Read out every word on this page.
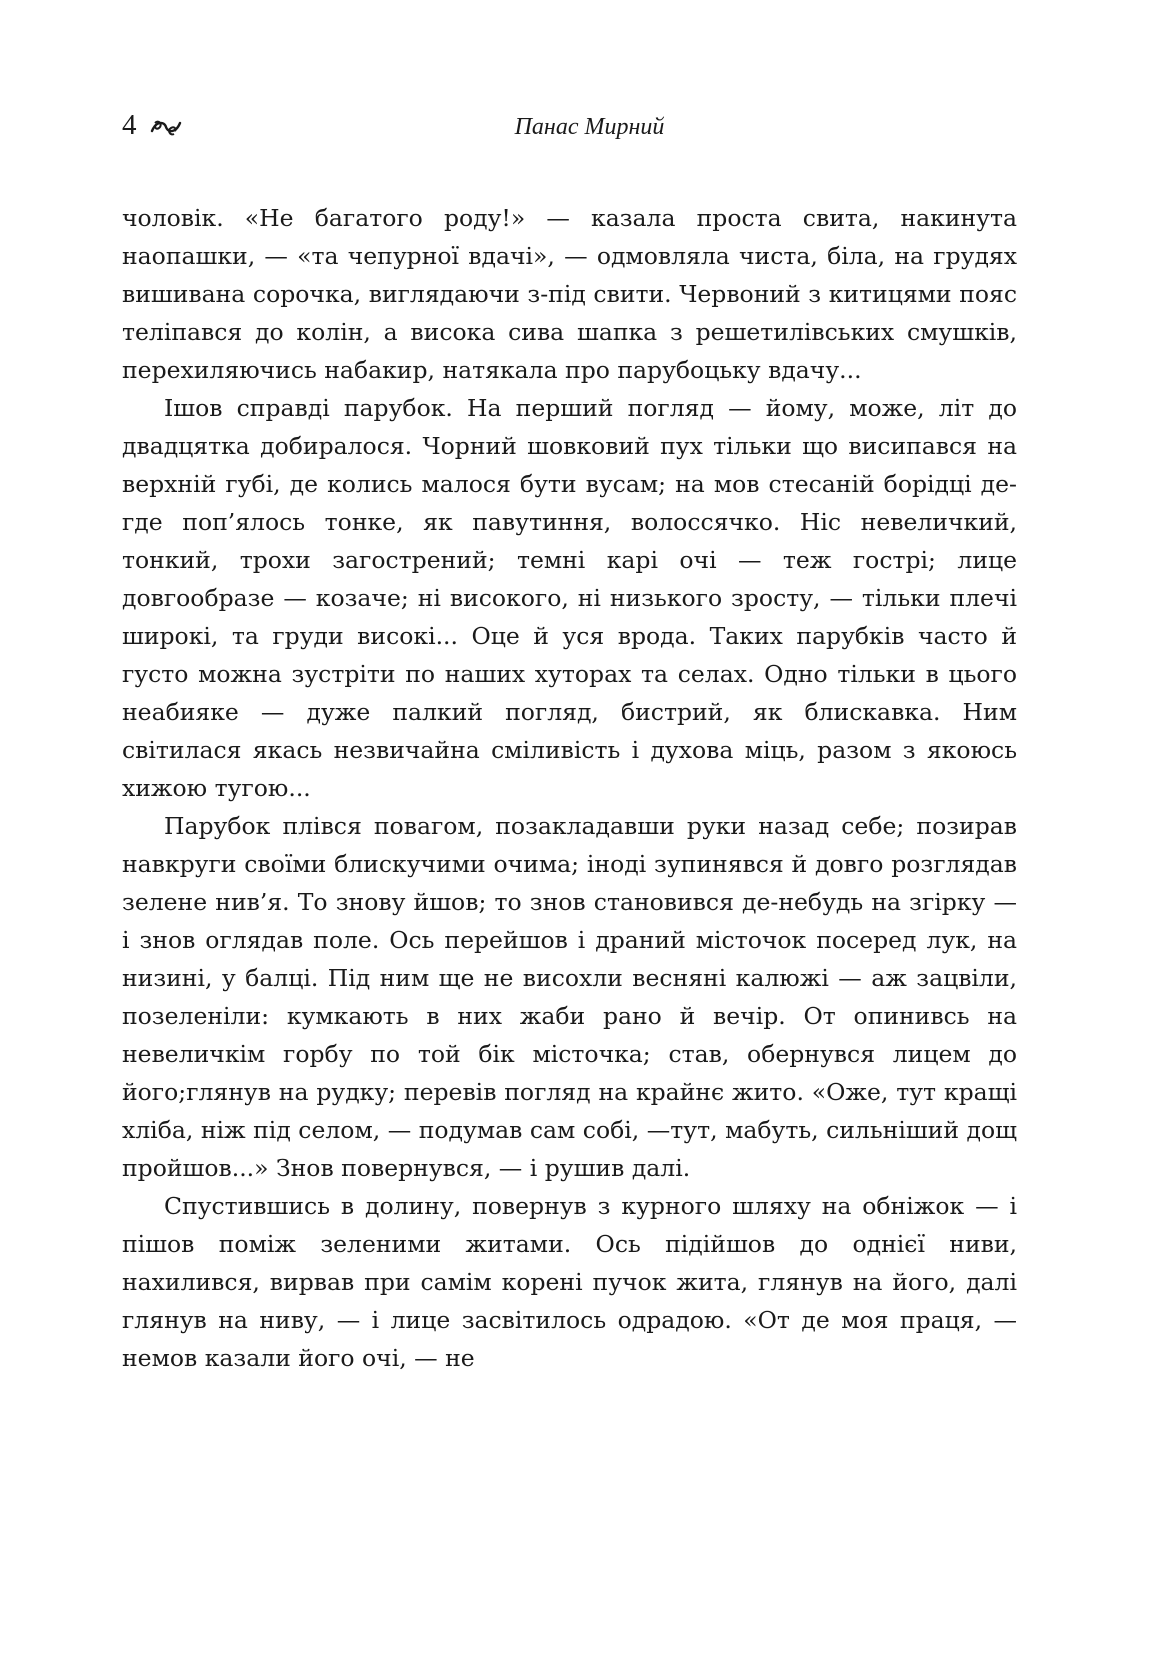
4	Панас Мирний

чоловік. «Не багатого роду!» — казала проста свита, накинута наопашки, — «та чепурної вдачі», — одмовляла чиста, біла, на грудях вишивана сорочка, виглядаючи з-під свити. Червоний з китицями пояс теліпався до колін, а висока сива шапка з решетилівських смушків, перехиляючись набакир, натякала про парубоцьку вдачу...

Ішов справді парубок. На перший погляд — йому, може, літ до двадцятка добиралося. Чорний шовковий пух тільки що висипався на верхній губі, де колись малося бути вусам; на мов стесаній борідці де-где поп’ялось тонке, як павутиння, волоссячко. Ніс невеличкий, тонкий, трохи загострений; темні карі очі — теж гострі; лице довгообразе — козаче; ні високого, ні низького зросту, — тільки плечі широкі, та груди високі... Оце й уся врода. Таких парубків часто й густо можна зустріти по наших хуторах та селах. Одно тільки в цього неабияке — дуже палкий погляд, бистрий, як блискавка. Ним світилася якась незвичайна сміливість і духова міць, разом з якоюсь хижою тугою...

Парубок плівся повагом, позакладавши руки назад себе; позирав навкруги своїми блискучими очима; іноді зупинявся й довго розглядав зелене нив’я. То знову йшов; то знов становився де-небудь на згірку — і знов оглядав поле. Ось перейшов і драний місточок посеред лук, на низині, у балці. Під ним ще не висохли весняні калюжі — аж зацвіли, позеленіли: кумкають в них жаби рано й вечір. От опинивсь на невеличкім горбу по той бік місточка; став, обернувся лицем до його;глянув на рудку; перевів погляд на крайнє жито. «Оже, тут кращі хліба, ніж під селом, — подумав сам собі, —тут, мабуть, сильніший дощ пройшов...» Знов повернувся, — і рушив далі.

Спустившись в долину, повернув з курного шляху на обніжок — і пішов поміж зеленими житами. Ось підійшов до однієї ниви, нахилився, вирвав при самім корені пучок жита, глянув на його, далі глянув на ниву, — і лице засвітилось одрадою. «От де моя праця, — немов казали його очі, — не
